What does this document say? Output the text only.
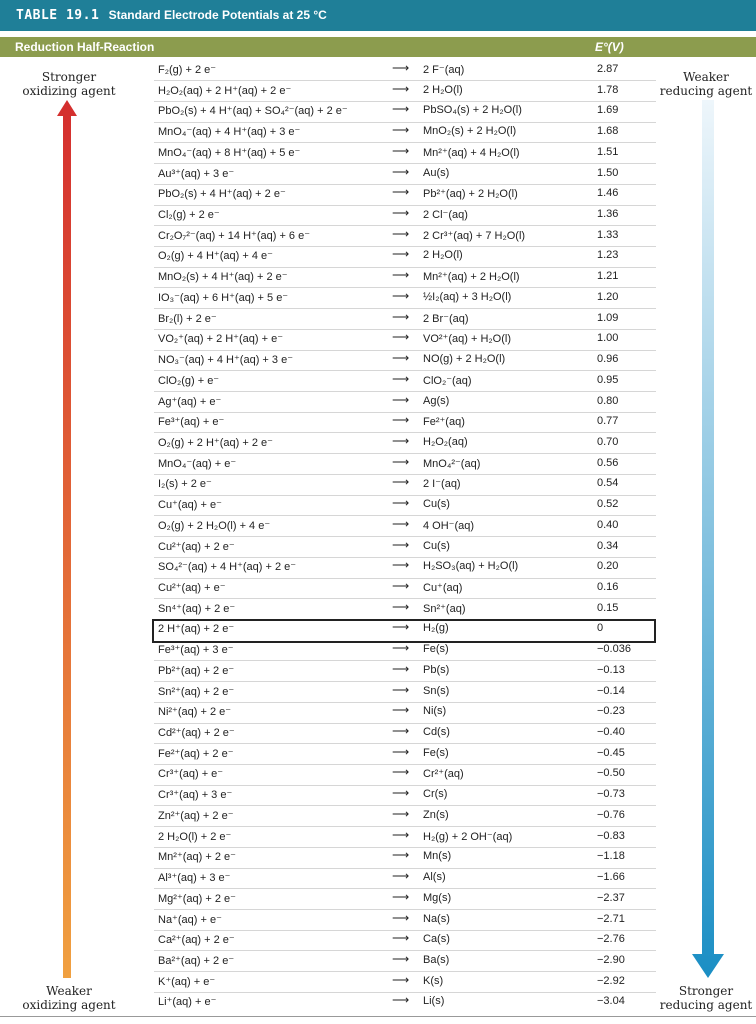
TABLE 19.1 Standard Electrode Potentials at 25 °C
Reduction Half-Reaction	E°(V)
Stronger
oxidizing agent
Weaker
oxidizing agent
Weaker
reducing agent
Stronger
reducing agent
F₂(g) + 2 e⁻	⟶ 2 F⁻(aq)	2.87
H₂O₂(aq) + 2 H⁺(aq) + 2 e⁻	⟶ 2 H₂O(l)	1.78
PbO₂(s) + 4 H⁺(aq) + SO₄²⁻(aq) + 2 e⁻	⟶ PbSO₄(s) + 2 H₂O(l)	1.69
MnO₄⁻(aq) + 4 H⁺(aq) + 3 e⁻	⟶ MnO₂(s) + 2 H₂O(l)	1.68
MnO₄⁻(aq) + 8 H⁺(aq) + 5 e⁻	⟶ Mn²⁺(aq) + 4 H₂O(l)	1.51
Au³⁺(aq) + 3 e⁻	⟶ Au(s)	1.50
PbO₂(s) + 4 H⁺(aq) + 2 e⁻	⟶ Pb²⁺(aq) + 2 H₂O(l)	1.46
Cl₂(g) + 2 e⁻	⟶ 2 Cl⁻(aq)	1.36
Cr₂O₇²⁻(aq) + 14 H⁺(aq) + 6 e⁻	⟶ 2 Cr³⁺(aq) + 7 H₂O(l)	1.33
O₂(g) + 4 H⁺(aq) + 4 e⁻	⟶ 2 H₂O(l)	1.23
MnO₂(s) + 4 H⁺(aq) + 2 e⁻	⟶ Mn²⁺(aq) + 2 H₂O(l)	1.21
IO₃⁻(aq) + 6 H⁺(aq) + 5 e⁻	⟶ ½I₂(aq) + 3 H₂O(l)	1.20
Br₂(l) + 2 e⁻	⟶ 2 Br⁻(aq)	1.09
VO₂⁺(aq) + 2 H⁺(aq) + e⁻	⟶ VO²⁺(aq) + H₂O(l)	1.00
NO₃⁻(aq) + 4 H⁺(aq) + 3 e⁻	⟶ NO(g) + 2 H₂O(l)	0.96
ClO₂(g) + e⁻	⟶ ClO₂⁻(aq)	0.95
Ag⁺(aq) + e⁻	⟶ Ag(s)	0.80
Fe³⁺(aq) + e⁻	⟶ Fe²⁺(aq)	0.77
O₂(g) + 2 H⁺(aq) + 2 e⁻	⟶ H₂O₂(aq)	0.70
MnO₄⁻(aq) + e⁻	⟶ MnO₄²⁻(aq)	0.56
I₂(s) + 2 e⁻	⟶ 2 I⁻(aq)	0.54
Cu⁺(aq) + e⁻	⟶ Cu(s)	0.52
O₂(g) + 2 H₂O(l) + 4 e⁻	⟶ 4 OH⁻(aq)	0.40
Cu²⁺(aq) + 2 e⁻	⟶ Cu(s)	0.34
SO₄²⁻(aq) + 4 H⁺(aq) + 2 e⁻	⟶ H₂SO₃(aq) + H₂O(l)	0.20
Cu²⁺(aq) + e⁻	⟶ Cu⁺(aq)	0.16
Sn⁴⁺(aq) + 2 e⁻	⟶ Sn²⁺(aq)	0.15
2 H⁺(aq) + 2 e⁻	⟶ H₂(g)	0
Fe³⁺(aq) + 3 e⁻	⟶ Fe(s)	−0.036
Pb²⁺(aq) + 2 e⁻	⟶ Pb(s)	−0.13
Sn²⁺(aq) + 2 e⁻	⟶ Sn(s)	−0.14
Ni²⁺(aq) + 2 e⁻	⟶ Ni(s)	−0.23
Cd²⁺(aq) + 2 e⁻	⟶ Cd(s)	−0.40
Fe²⁺(aq) + 2 e⁻	⟶ Fe(s)	−0.45
Cr³⁺(aq) + e⁻	⟶ Cr²⁺(aq)	−0.50
Cr³⁺(aq) + 3 e⁻	⟶ Cr(s)	−0.73
Zn²⁺(aq) + 2 e⁻	⟶ Zn(s)	−0.76
2 H₂O(l) + 2 e⁻	⟶ H₂(g) + 2 OH⁻(aq)	−0.83
Mn²⁺(aq) + 2 e⁻	⟶ Mn(s)	−1.18
Al³⁺(aq) + 3 e⁻	⟶ Al(s)	−1.66
Mg²⁺(aq) + 2 e⁻	⟶ Mg(s)	−2.37
Na⁺(aq) + e⁻	⟶ Na(s)	−2.71
Ca²⁺(aq) + 2 e⁻	⟶ Ca(s)	−2.76
Ba²⁺(aq) + 2 e⁻	⟶ Ba(s)	−2.90
K⁺(aq) + e⁻	⟶ K(s)	−2.92
Li⁺(aq) + e⁻	⟶ Li(s)	−3.04
